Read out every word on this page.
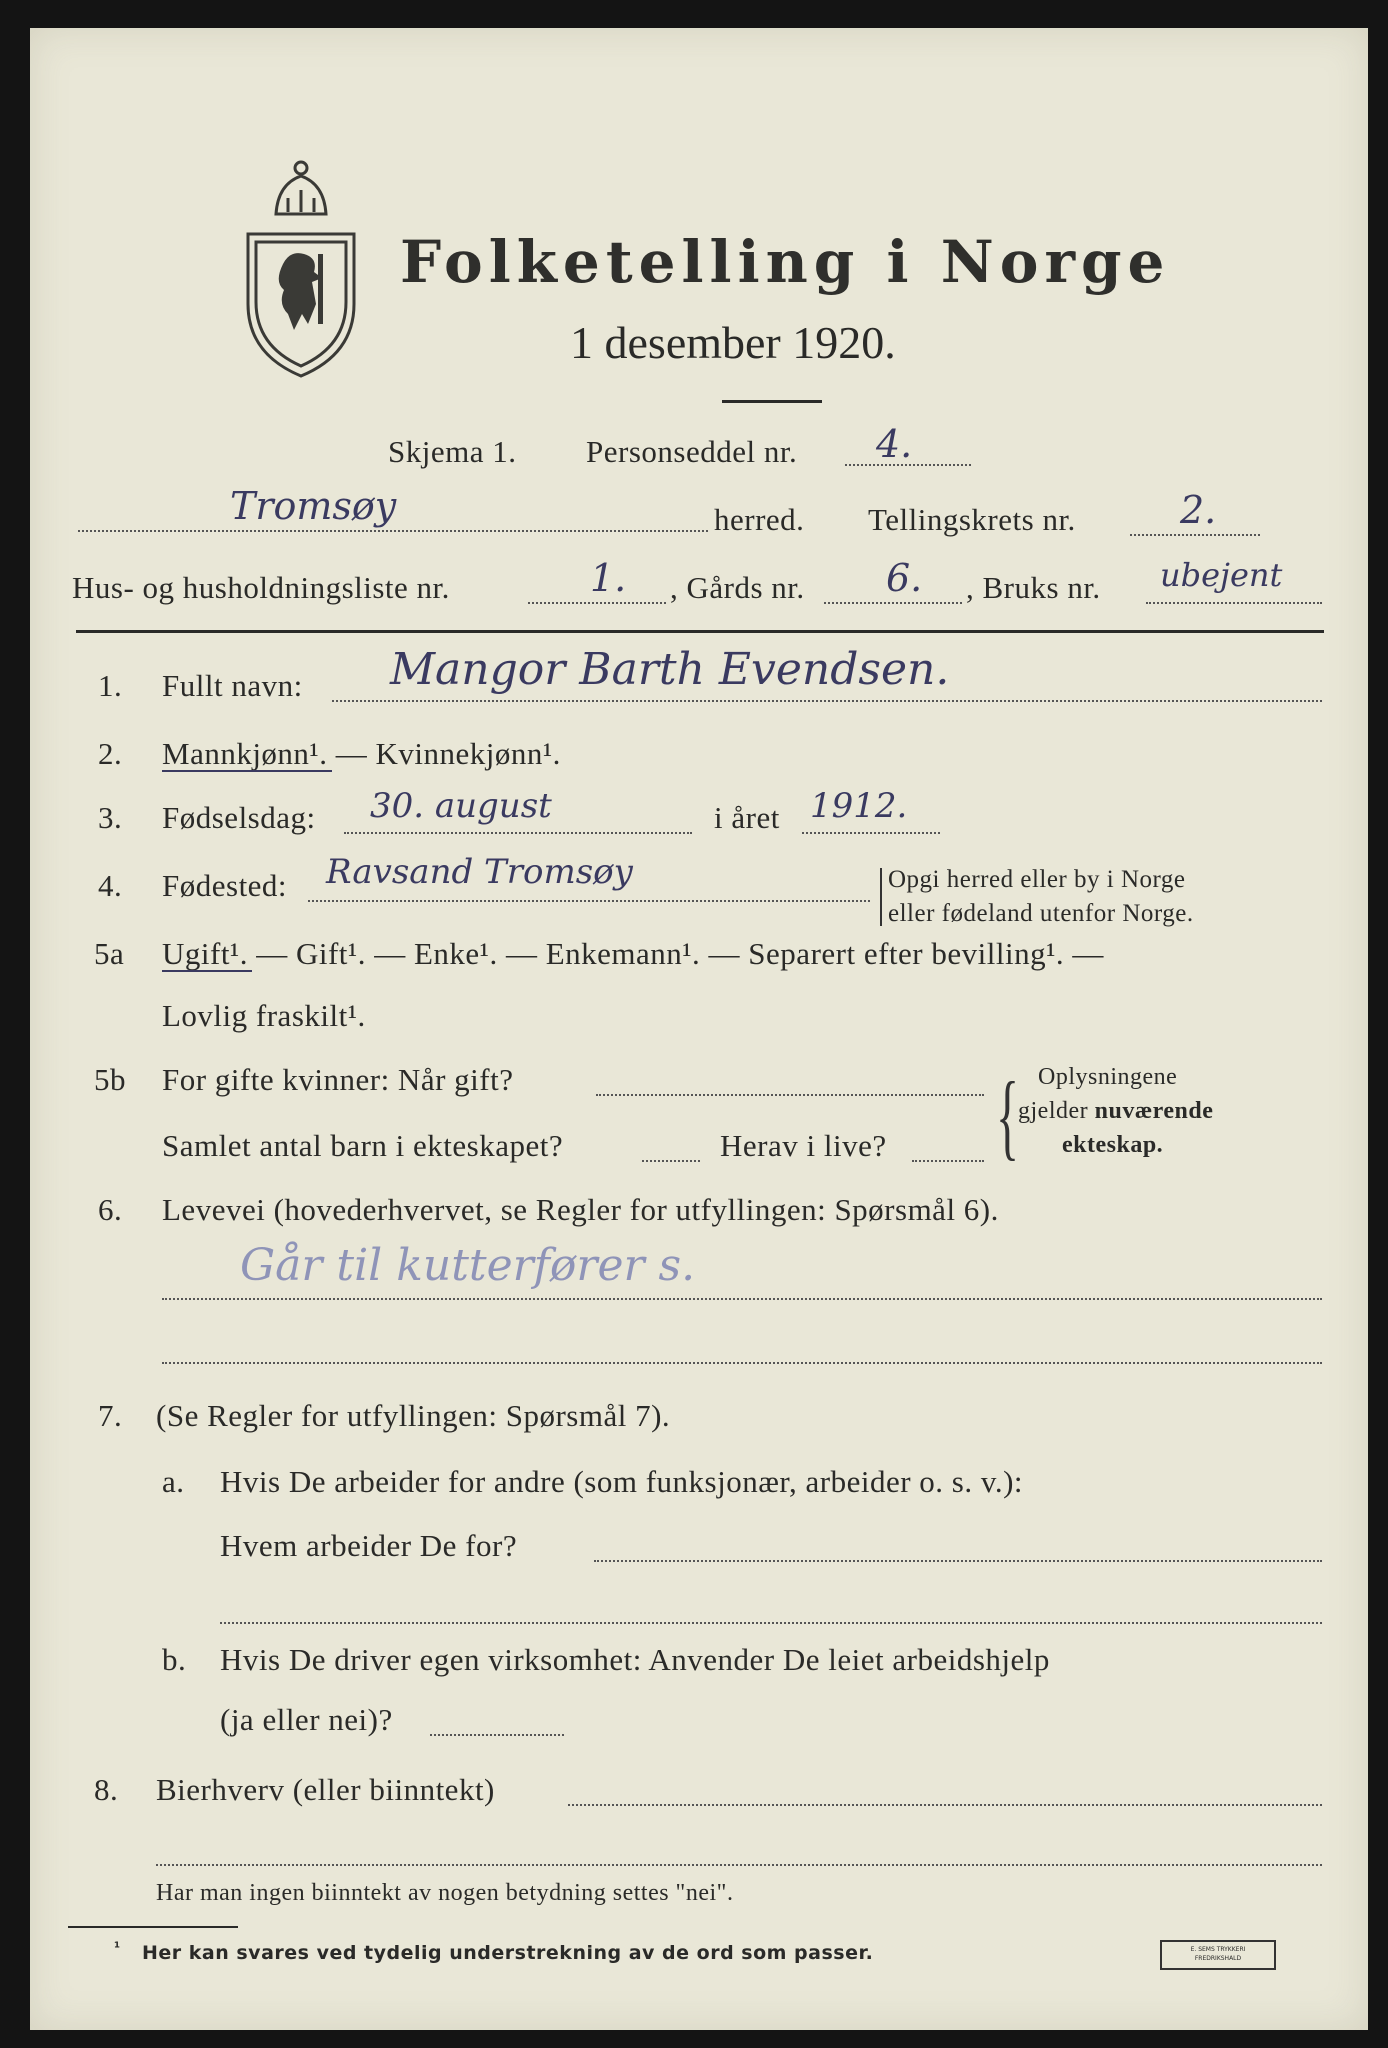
Folketelling i Norge
1 desember 1920.
Skjema 1. Personseddel nr. 4.
Tromsøy	herred. Tellingskrets nr.	2.
Hus- og husholdningsliste nr.	1. , Gårds nr. 6. , Bruks nr. ubejent
1. Fullt navn: Mangor Barth Evendsen.
2. Mannkjønn¹. — Kvinnekjønn¹.
3. Fødselsdag: 30. august	i året 1912.
4. Fødested: Ravsand Tromsøy	Opgi herred eller by i Norge
eller fødeland utenfor Norge.
5a Ugift¹. — Gift¹. — Enke¹. — Enkemann¹. — Separert efter bevilling¹. —
Lovlig fraskilt¹.
5b For gifte kvinner: Når gift?
Samlet antal barn i ekteskapet?	Herav i live? { Oplysningene
gjelder nuværende
ekteskap.
6. Levevei (hovederhvervet, se Regler for utfyllingen: Spørsmål 6).
Går til kutterfører s.
7. (Se Regler for utfyllingen: Spørsmål 7).
a. Hvis De arbeider for andre (som funksjonær, arbeider o. s. v.):
Hvem arbeider De for?
b. Hvis De driver egen virksomhet: Anvender De leiet arbeidshjelp
(ja eller nei)?
8. Bierhverv (eller biinntekt)
Har man ingen biinntekt av nogen betydning settes "nei".
¹ Her kan svares ved tydelig understrekning av de ord som passer.	E. SEMS TRYKKERI
FREDRIKSHALD
